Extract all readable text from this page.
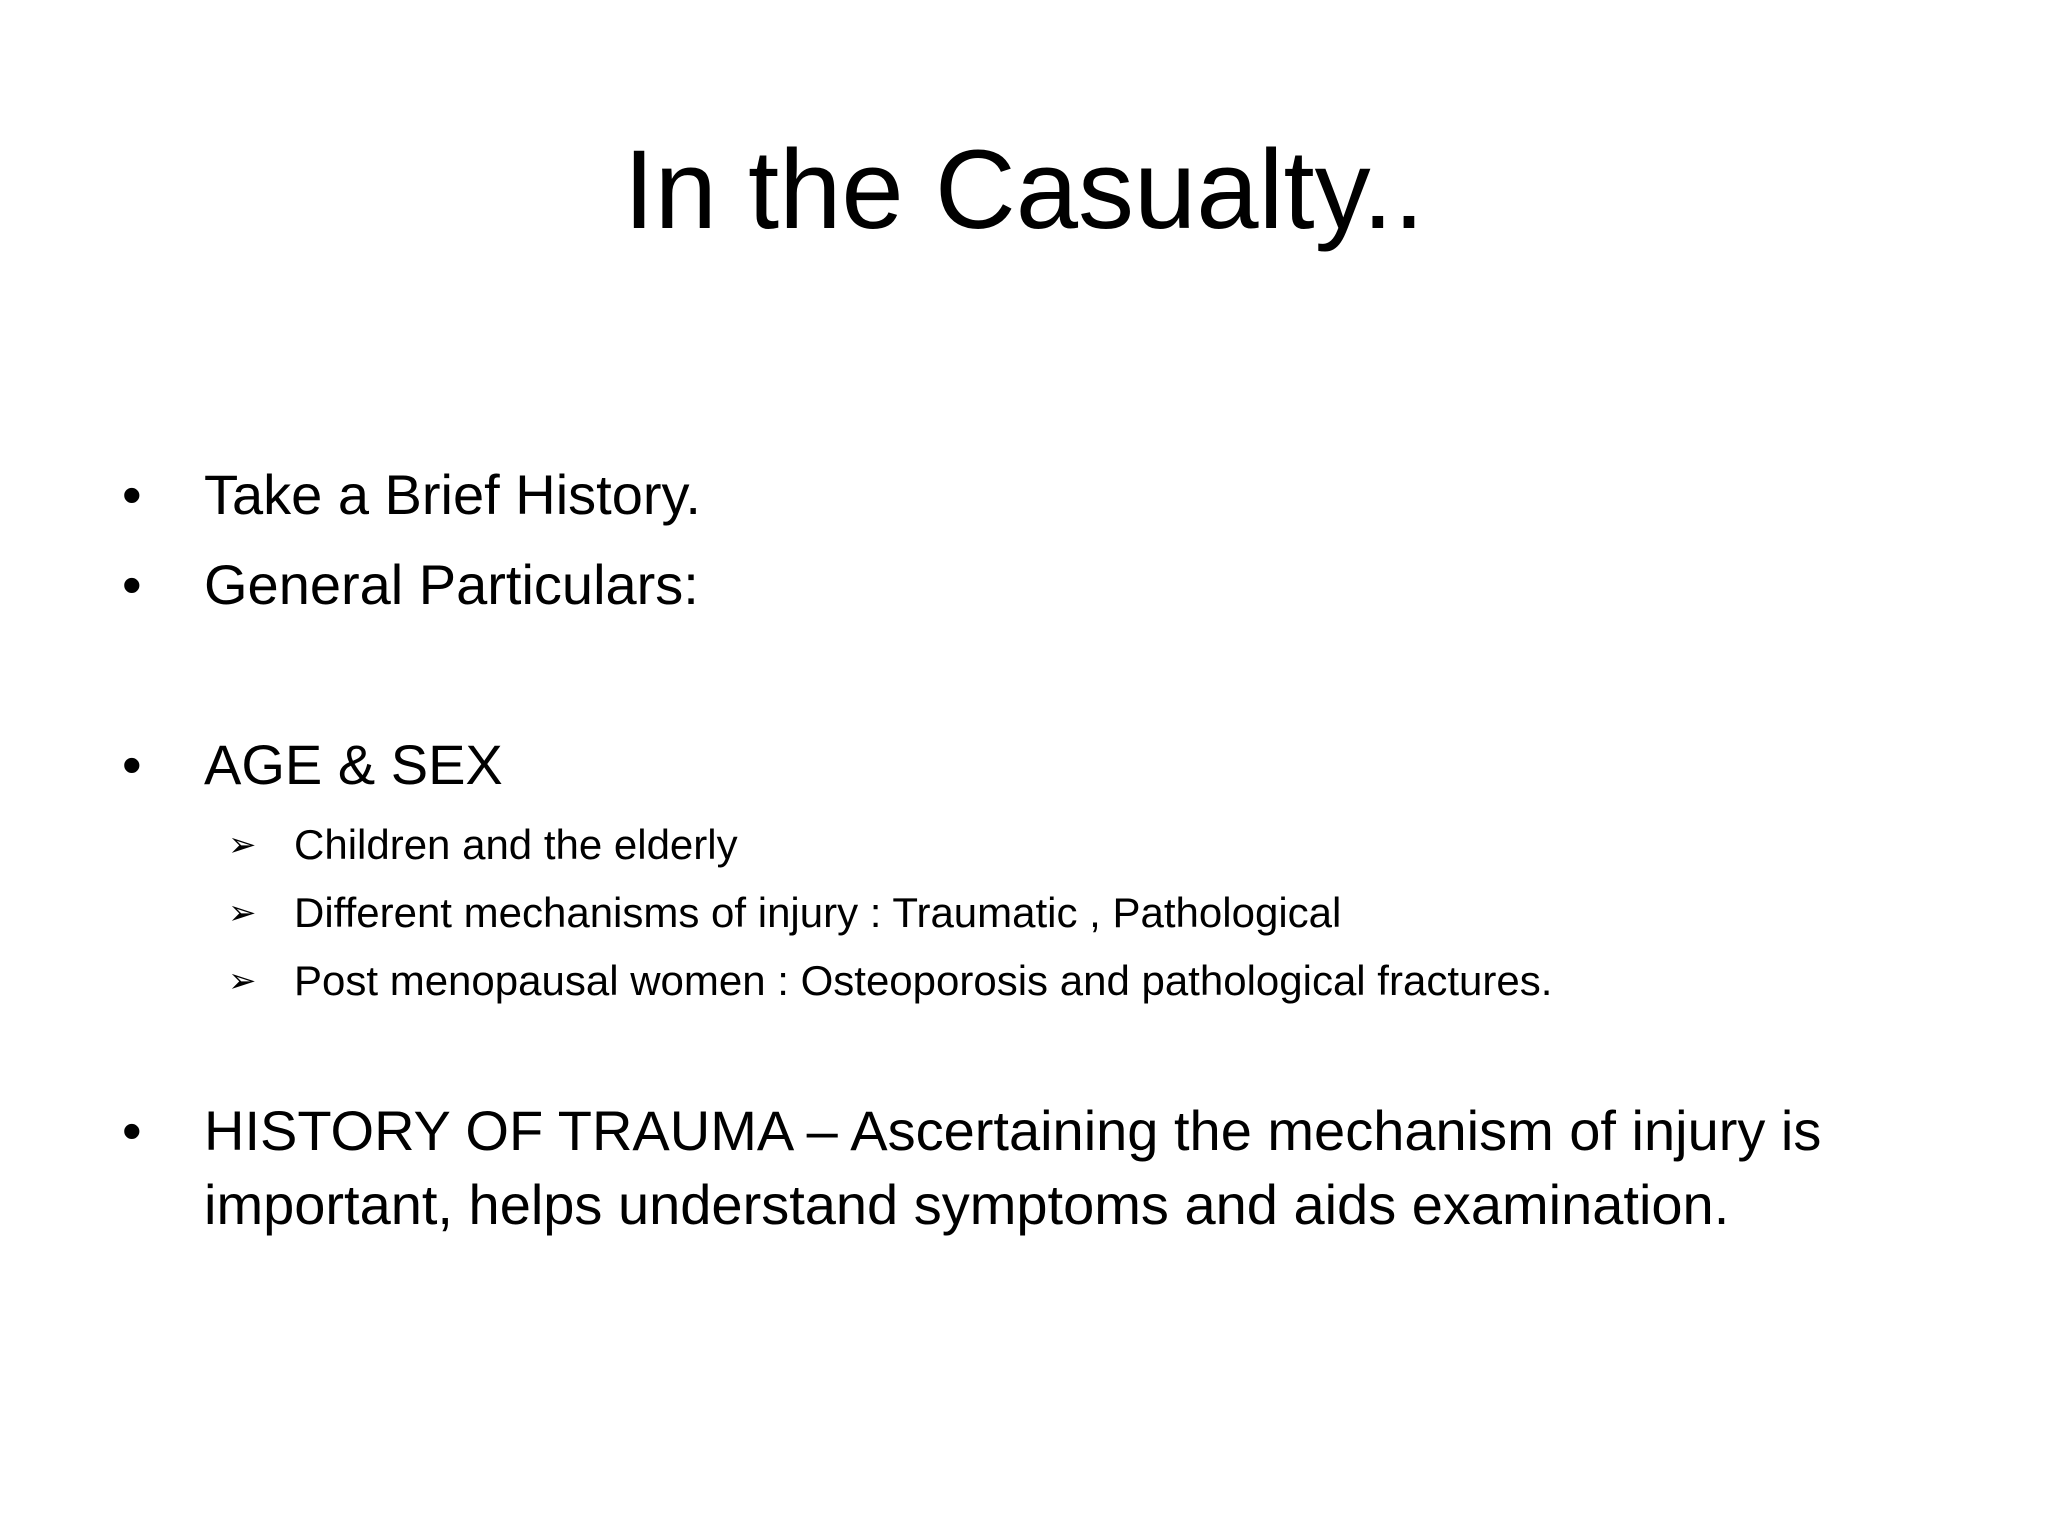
In the Casualty..
•	Take a Brief History.
•	General Particulars:
•	AGE & SEX
➢ Children and the elderly
➢ Different mechanisms of injury : Traumatic , Pathological
➢ Post menopausal women : Osteoporosis and pathological fractures.
•	HISTORY OF TRAUMA – Ascertaining the mechanism of injury is important, helps understand symptoms and aids examination.
